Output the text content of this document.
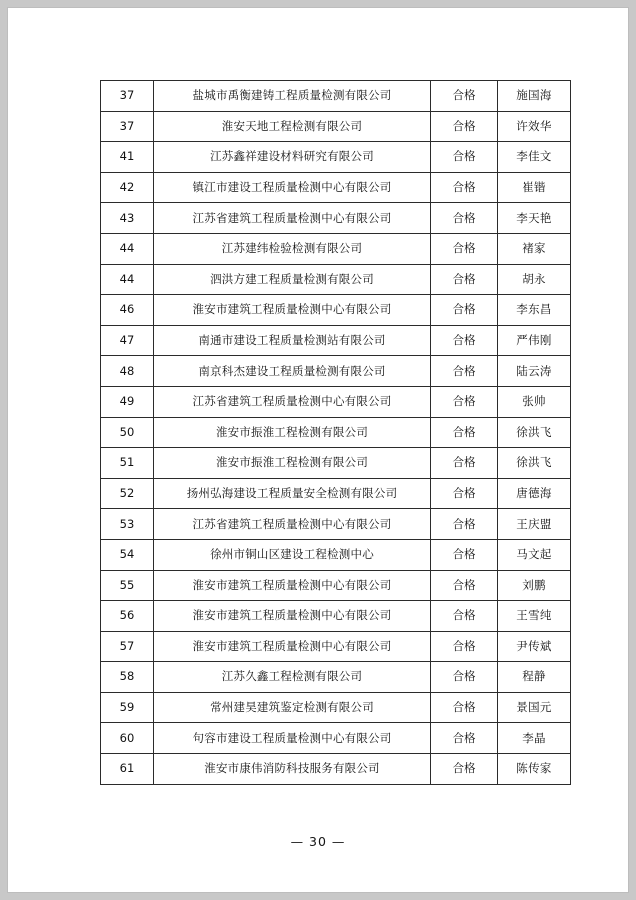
37	盐城市禹衡建铸工程质量检测有限公司	合格	施国海
37	淮安天地工程检测有限公司	合格	许效华
41	江苏鑫祥建设材料研究有限公司	合格	李佳文
42	镇江市建设工程质量检测中心有限公司	合格	崔锴
43	江苏省建筑工程质量检测中心有限公司	合格	李天艳
44	江苏建纬检验检测有限公司	合格	褚家
44	泗洪方建工程质量检测有限公司	合格	胡永
46	淮安市建筑工程质量检测中心有限公司	合格	李东昌
47	南通市建设工程质量检测站有限公司	合格	严伟刚
48	南京科杰建设工程质量检测有限公司	合格	陆云涛
49	江苏省建筑工程质量检测中心有限公司	合格	张帅
50	淮安市振淮工程检测有限公司	合格	徐洪飞
51	淮安市振淮工程检测有限公司	合格	徐洪飞
52	扬州弘海建设工程质量安全检测有限公司	合格	唐德海
53	江苏省建筑工程质量检测中心有限公司	合格	王庆盟
54	徐州市铜山区建设工程检测中心	合格	马文起
55	淮安市建筑工程质量检测中心有限公司	合格	刘鹏
56	淮安市建筑工程质量检测中心有限公司	合格	王雪纯
57	淮安市建筑工程质量检测中心有限公司	合格	尹传斌
58	江苏久鑫工程检测有限公司	合格	程静
59	常州建昊建筑鉴定检测有限公司	合格	景国元
60	句容市建设工程质量检测中心有限公司	合格	李晶
61	淮安市康伟消防科技服务有限公司	合格	陈传家
— 30 —
